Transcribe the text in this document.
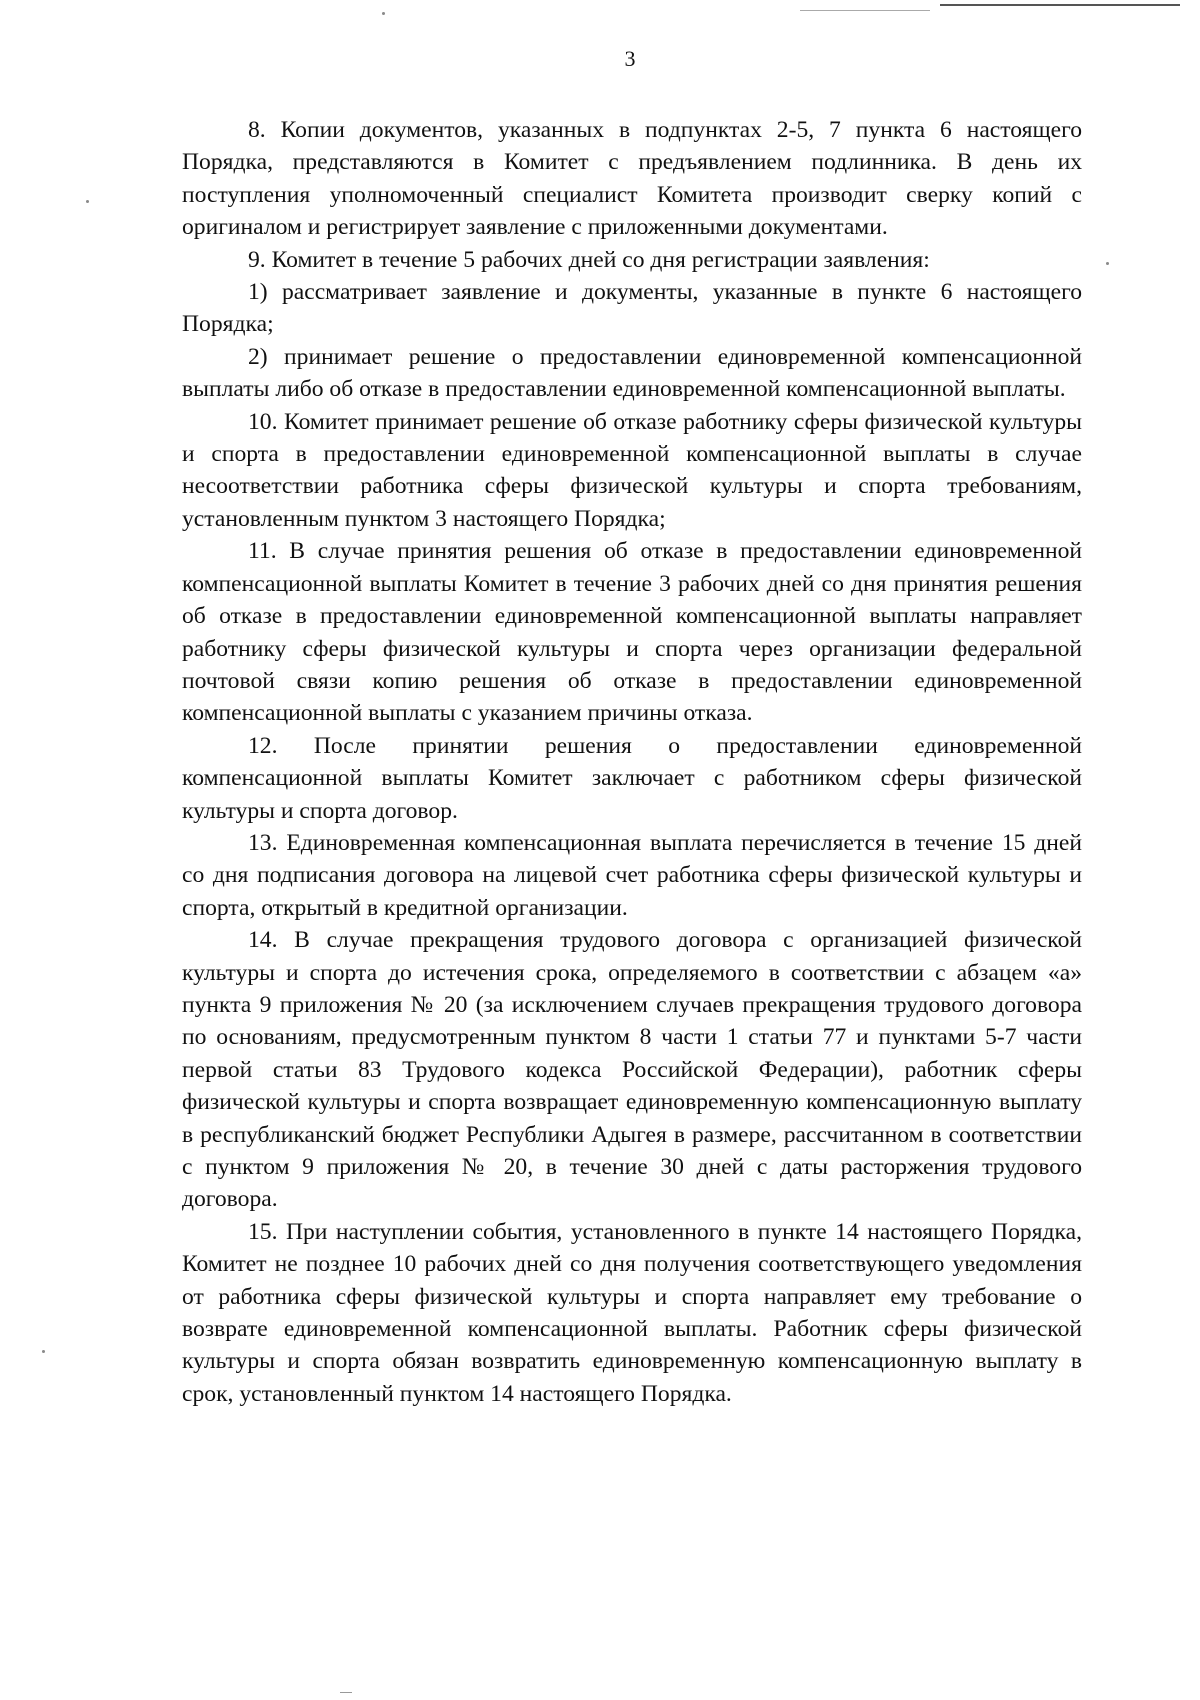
3

8. Копии документов, указанных в подпунктах 2-5, 7 пункта 6 настоящего Порядка, представляются в Комитет с предъявлением подлинника. В день их поступления уполномоченный специалист Комитета производит сверку копий с оригиналом и регистрирует заявление с приложенными документами.

9. Комитет в течение 5 рабочих дней со дня регистрации заявления:

1) рассматривает заявление и документы, указанные в пункте 6 настоящего Порядка;

2) принимает решение о предоставлении единовременной компенсационной выплаты либо об отказе в предоставлении единовременной компенсационной выплаты.

10. Комитет принимает решение об отказе работнику сферы физической культуры и спорта в предоставлении единовременной компенсационной выплаты в случае несоответствии работника сферы физической культуры и спорта требованиям, установленным пунктом 3 настоящего Порядка;

11. В случае принятия решения об отказе в предоставлении единовременной компенсационной выплаты Комитет в течение 3 рабочих дней со дня принятия решения об отказе в предоставлении единовременной компенсационной выплаты направляет работнику сферы физической культуры и спорта через организации федеральной почтовой связи копию решения об отказе в предоставлении единовременной компенсационной выплаты с указанием причины отказа.

12. После принятии решения о предоставлении единовременной компенсационной выплаты Комитет заключает с работником сферы физической культуры и спорта договор.

13. Единовременная компенсационная выплата перечисляется в течение 15 дней со дня подписания договора на лицевой счет работника сферы физической культуры и спорта, открытый в кредитной организации.

14. В случае прекращения трудового договора с организацией физической культуры и спорта до истечения срока, определяемого в соответствии с абзацем «а» пункта 9 приложения № 20 (за исключением случаев прекращения трудового договора по основаниям, предусмотренным пунктом 8 части 1 статьи 77 и пунктами 5-7 части первой статьи 83 Трудового кодекса Российской Федерации), работник сферы физической культуры и спорта возвращает единовременную компенсационную выплату в республиканский бюджет Республики Адыгея в размере, рассчитанном в соответствии с пунктом 9 приложения № 20, в течение 30 дней с даты расторжения трудового договора.

15. При наступлении события, установленного в пункте 14 настоящего Порядка, Комитет не позднее 10 рабочих дней со дня получения соответствующего уведомления от работника сферы физической культуры и спорта направляет ему требование о возврате единовременной компенсационной выплаты. Работник сферы физической культуры и спорта обязан возвратить единовременную компенсационную выплату в срок, установленный пунктом 14 настоящего Порядка.
